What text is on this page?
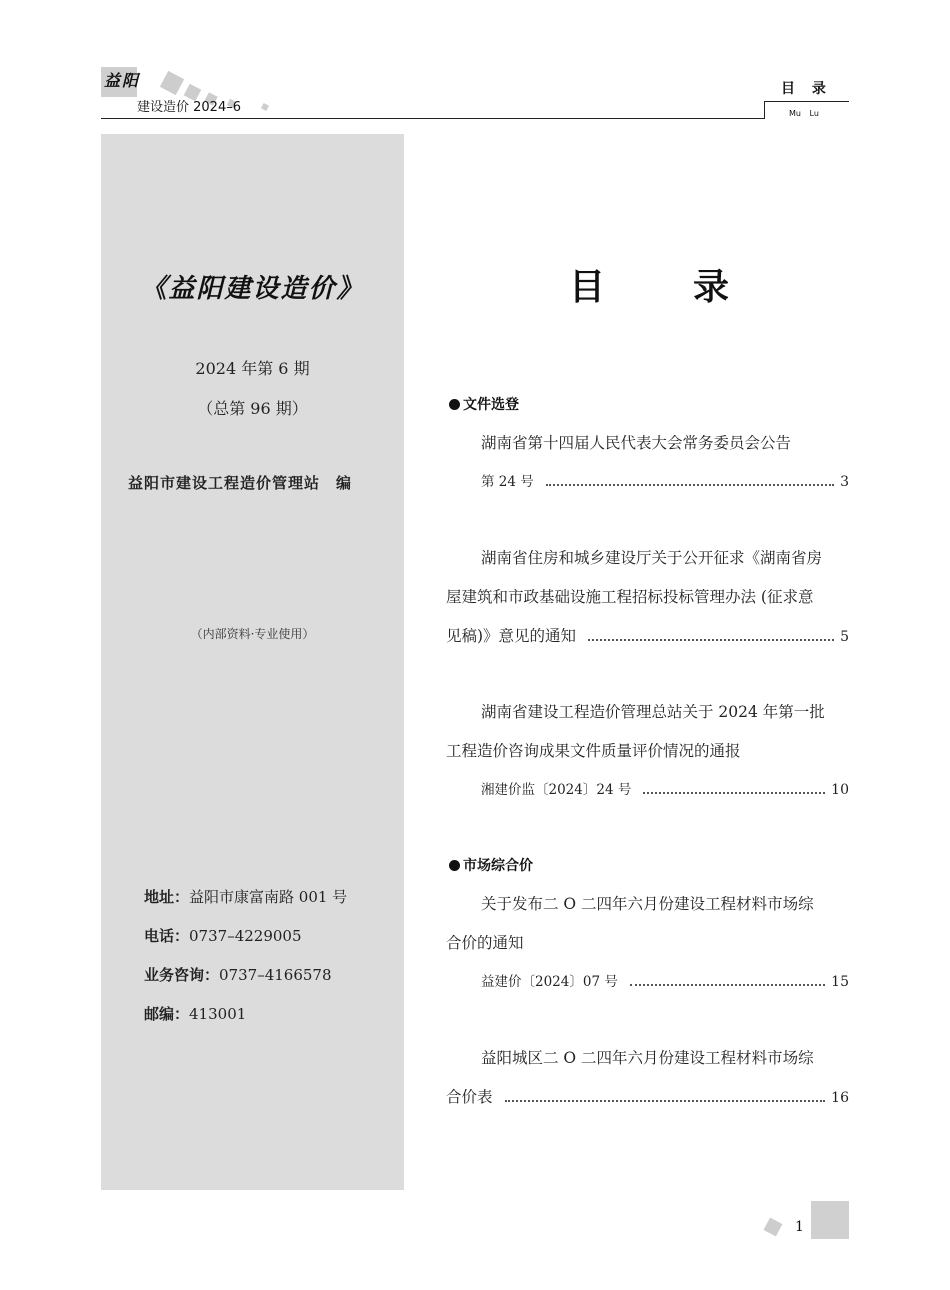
益阳
建设造价 2024–6
目 录
Mu Lu
《益阳建设造价》
2024 年第 6 期
（总第 96 期）
益阳市建设工程造价管理站　编
（内部资料·专业使用）
地址：益阳市康富南路 001 号
电话：0737–4229005
业务咨询：0737–4166578
邮编：413001
目录
文件选登
湖南省第十四届人民代表大会常务委员会公告
第 24 号	3
湖南省住房和城乡建设厅关于公开征求《湖南省房
屋建筑和市政基础设施工程招标投标管理办法 (征求意
见稿)》意见的通知	5
湖南省建设工程造价管理总站关于 2024 年第一批
工程造价咨询成果文件质量评价情况的通报
湘建价监〔2024〕24 号	10
市场综合价
关于发布二 O 二四年六月份建设工程材料市场综
合价的通知
益建价〔2024〕07 号	15
益阳城区二 O 二四年六月份建设工程材料市场综
合价表	16
1
